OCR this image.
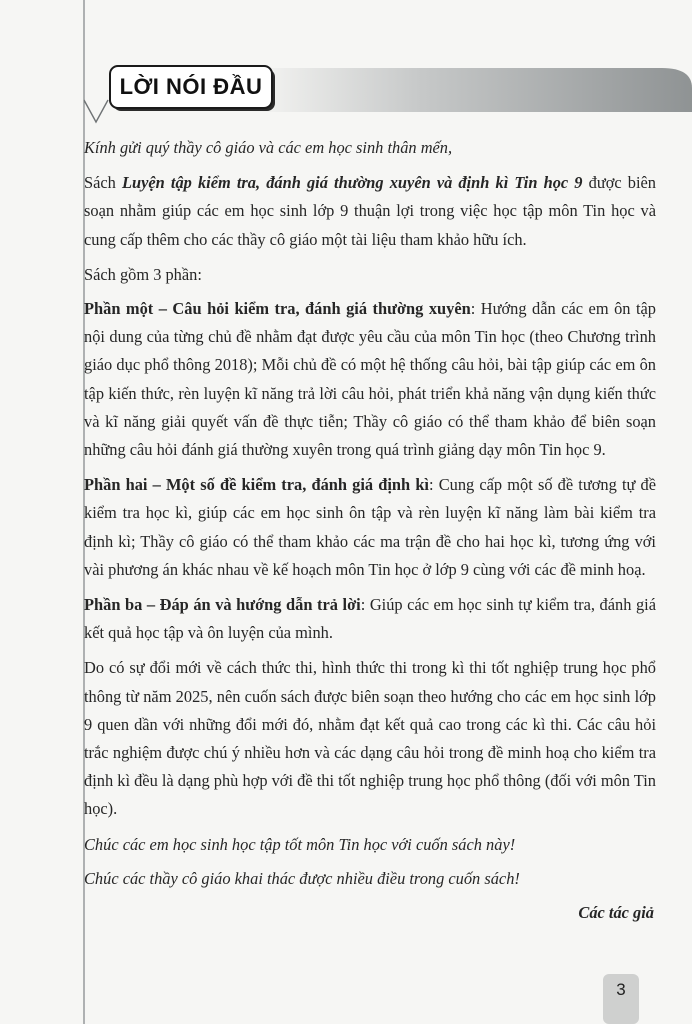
LỜI NÓI ĐẦU

Kính gửi quý thầy cô giáo và các em học sinh thân mến,

Sách Luyện tập kiểm tra, đánh giá thường xuyên và định kì Tin học 9 được biên soạn nhằm giúp các em học sinh lớp 9 thuận lợi trong việc học tập môn Tin học và cung cấp thêm cho các thầy cô giáo một tài liệu tham khảo hữu ích.

Sách gồm 3 phần:

Phần một – Câu hỏi kiểm tra, đánh giá thường xuyên: Hướng dẫn các em ôn tập nội dung của từng chủ đề nhằm đạt được yêu cầu của môn Tin học (theo Chương trình giáo dục phổ thông 2018); Mỗi chủ đề có một hệ thống câu hỏi, bài tập giúp các em ôn tập kiến thức, rèn luyện kĩ năng trả lời câu hỏi, phát triển khả năng vận dụng kiến thức và kĩ năng giải quyết vấn đề thực tiễn; Thầy cô giáo có thể tham khảo để biên soạn những câu hỏi đánh giá thường xuyên trong quá trình giảng dạy môn Tin học 9.

Phần hai – Một số đề kiểm tra, đánh giá định kì: Cung cấp một số đề tương tự đề kiểm tra học kì, giúp các em học sinh ôn tập và rèn luyện kĩ năng làm bài kiểm tra định kì; Thầy cô giáo có thể tham khảo các ma trận đề cho hai học kì, tương ứng với vài phương án khác nhau về kế hoạch môn Tin học ở lớp 9 cùng với các đề minh hoạ.

Phần ba – Đáp án và hướng dẫn trả lời: Giúp các em học sinh tự kiểm tra, đánh giá kết quả học tập và ôn luyện của mình.

Do có sự đổi mới về cách thức thi, hình thức thi trong kì thi tốt nghiệp trung học phổ thông từ năm 2025, nên cuốn sách được biên soạn theo hướng cho các em học sinh lớp 9 quen dần với những đổi mới đó, nhằm đạt kết quả cao trong các kì thi. Các câu hỏi trắc nghiệm được chú ý nhiều hơn và các dạng câu hỏi trong đề minh hoạ cho kiểm tra định kì đều là dạng phù hợp với đề thi tốt nghiệp trung học phổ thông (đối với môn Tin học).

Chúc các em học sinh học tập tốt môn Tin học với cuốn sách này!

Chúc các thầy cô giáo khai thác được nhiều điều trong cuốn sách!

Các tác giả

3
